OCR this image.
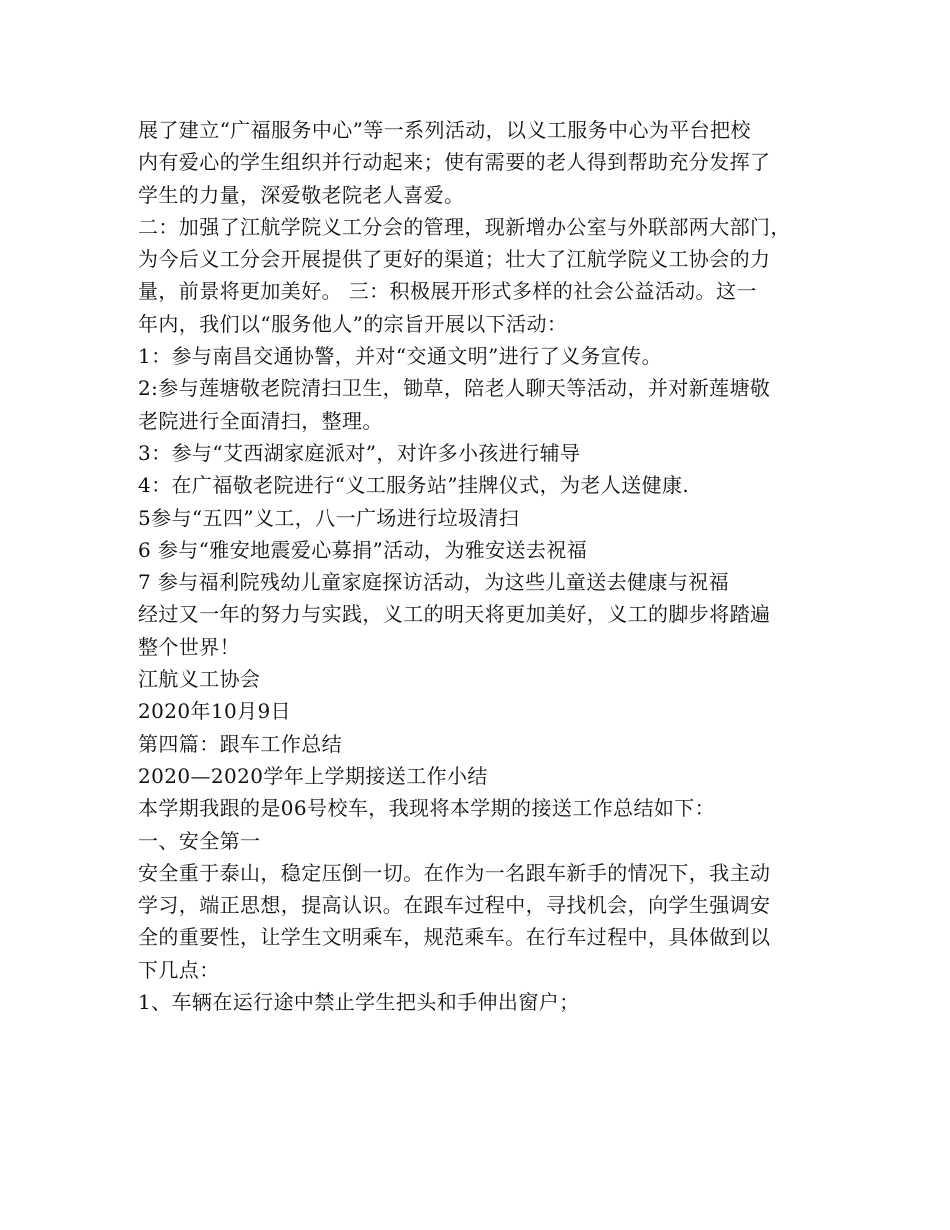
展了建立“广福服务中心”等一系列活动，以义工服务中心为平台把校
内有爱心的学生组织并行动起来；使有需要的老人得到帮助充分发挥了
学生的力量，深爱敬老院老人喜爱。
二：加强了江航学院义工分会的管理，现新增办公室与外联部两大部门，
为今后义工分会开展提供了更好的渠道；壮大了江航学院义工协会的力
量，前景将更加美好。 三：积极展开形式多样的社会公益活动。这一
年内，我们以“服务他人”的宗旨开展以下活动：
1：参与南昌交通协警，并对“交通文明”进行了义务宣传。
2:参与莲塘敬老院清扫卫生，锄草，陪老人聊天等活动，并对新莲塘敬
老院进行全面清扫，整理。
3：参与“艾西湖家庭派对”，对许多小孩进行辅导
4：在广福敬老院进行“义工服务站”挂牌仪式，为老人送健康.
5参与“五四”义工，八一广场进行垃圾清扫
6 参与“雅安地震爱心募捐”活动，为雅安送去祝福
7 参与福利院残幼儿童家庭探访活动，为这些儿童送去健康与祝福
经过又一年的努力与实践，义工的明天将更加美好，义工的脚步将踏遍
整个世界！
江航义工协会
2020年10月9日
第四篇：跟车工作总结
2020—2020学年上学期接送工作小结
本学期我跟的是06号校车，我现将本学期的接送工作总结如下：
一、安全第一
安全重于泰山，稳定压倒一切。在作为一名跟车新手的情况下，我主动
学习，端正思想，提高认识。在跟车过程中，寻找机会，向学生强调安
全的重要性，让学生文明乘车，规范乘车。在行车过程中，具体做到以
下几点：
1、车辆在运行途中禁止学生把头和手伸出窗户；
